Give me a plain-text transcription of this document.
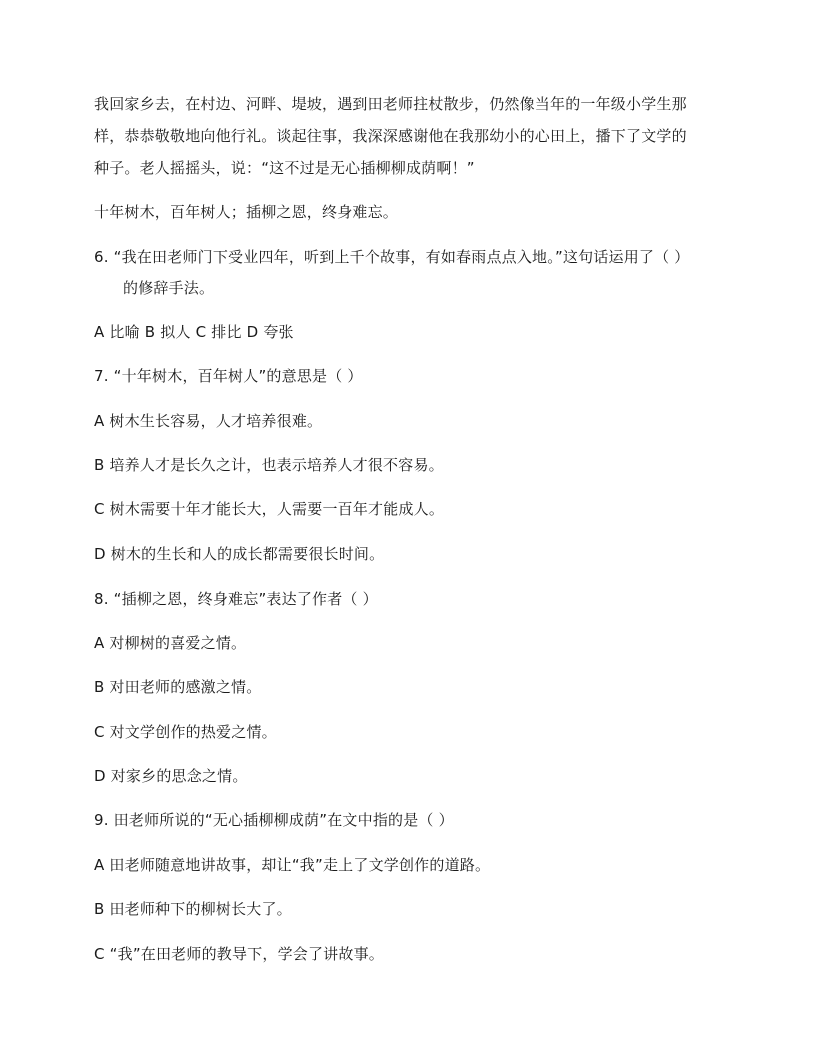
我回家乡去，在村边、河畔、堤坡，遇到田老师拄杖散步，仍然像当年的一年级小学生那
样，恭恭敬敬地向他行礼。谈起往事，我深深感谢他在我那幼小的心田上，播下了文学的
种子。老人摇摇头，说：“这不过是无心插柳柳成荫啊！”
十年树木，百年树人；插柳之恩，终身难忘。
6. “我在田老师门下受业四年，听到上千个故事，有如春雨点点入地。”这句话运用了（ ）
的修辞手法。
A 比喻 B 拟人 C 排比 D 夸张
7. “十年树木，百年树人”的意思是（ ）
A 树木生长容易，人才培养很难。
B 培养人才是长久之计，也表示培养人才很不容易。
C 树木需要十年才能长大，人需要一百年才能成人。
D 树木的生长和人的成长都需要很长时间。
8. “插柳之恩，终身难忘”表达了作者（ ）
A 对柳树的喜爱之情。
B 对田老师的感激之情。
C 对文学创作的热爱之情。
D 对家乡的思念之情。
9. 田老师所说的“无心插柳柳成荫”在文中指的是（ ）
A 田老师随意地讲故事，却让“我”走上了文学创作的道路。
B 田老师种下的柳树长大了。
C “我”在田老师的教导下，学会了讲故事。
